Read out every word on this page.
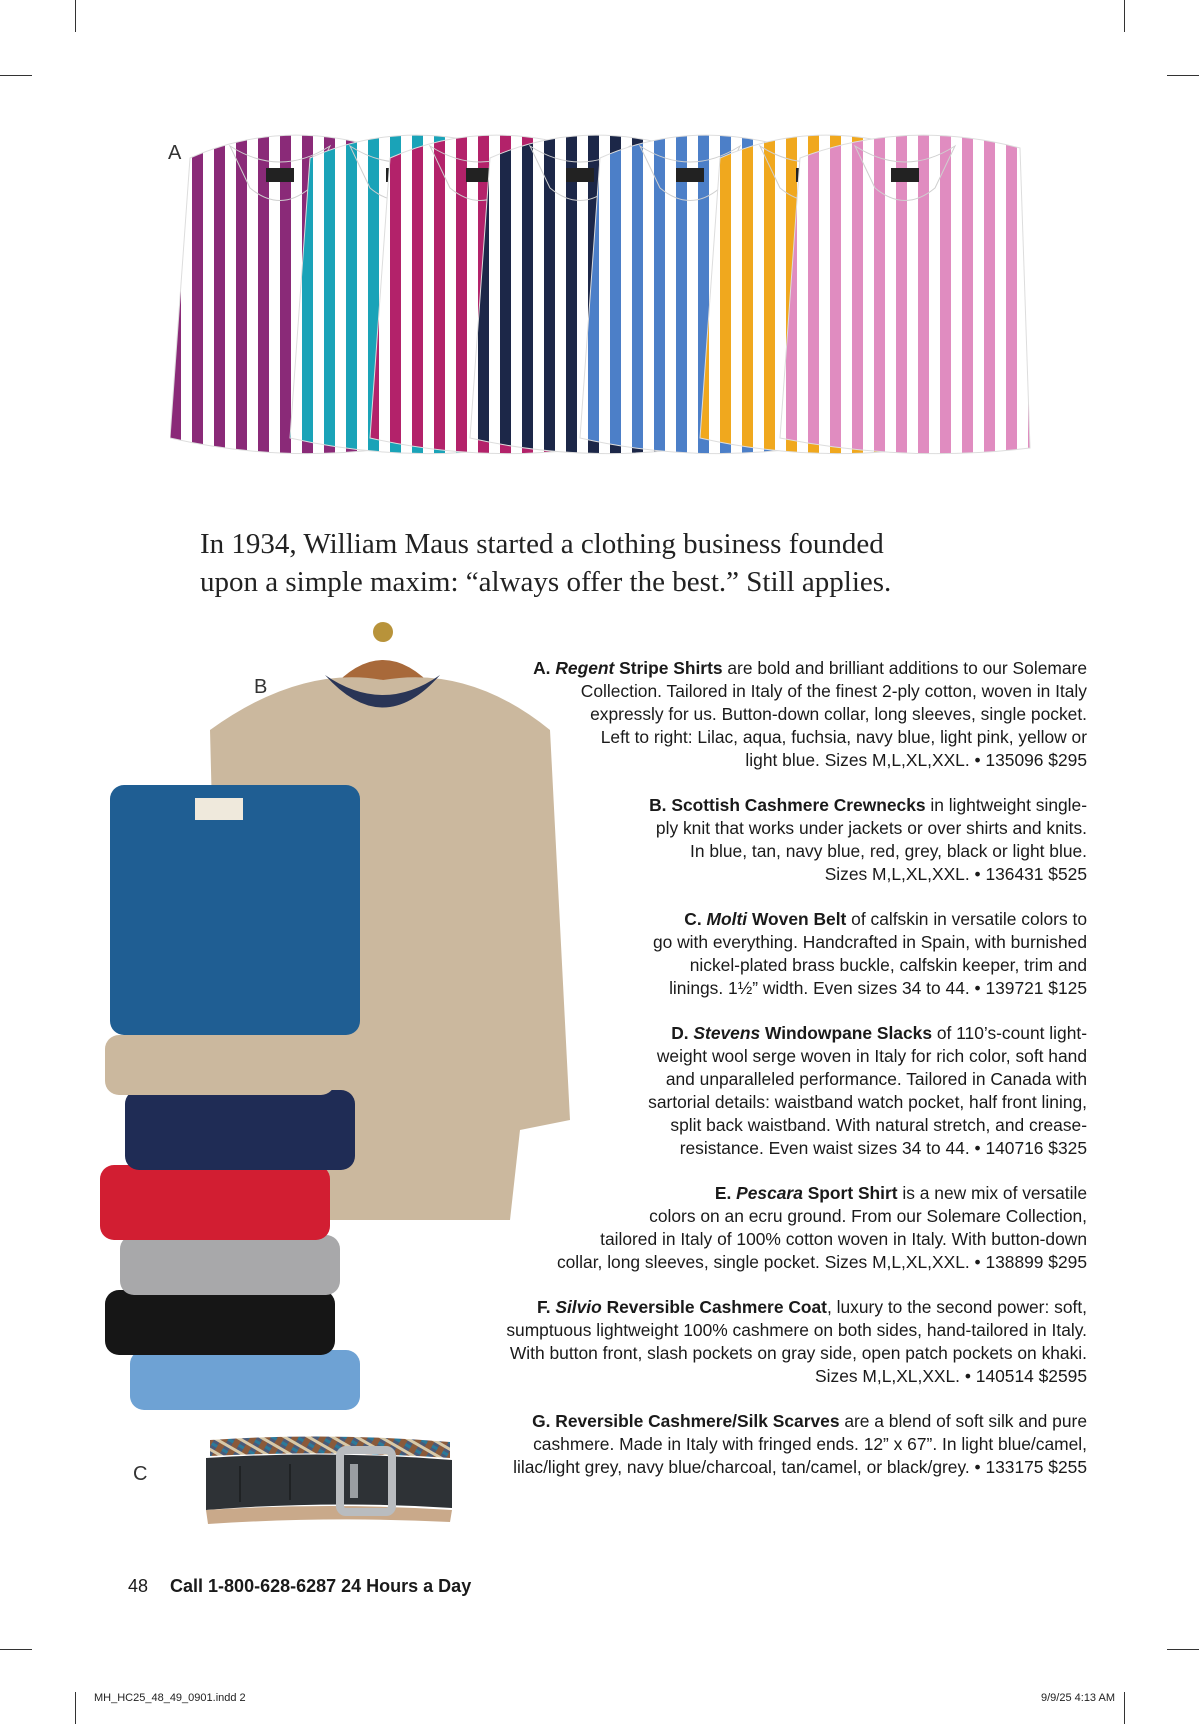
A
B
C
In 1934, William Maus started a clothing business founded
upon a simple maxim: “always offer the best.” Still applies.
A. Regent Stripe Shirts are bold and brilliant additions to our Solemare
Collection. Tailored in Italy of the finest 2-ply cotton, woven in Italy
expressly for us. Button-down collar, long sleeves, single pocket.
Left to right: Lilac, aqua, fuchsia, navy blue, light pink, yellow or
light blue. Sizes M,L,XL,XXL. • 135096 $295
B. Scottish Cashmere Crewnecks in lightweight single-
ply knit that works under jackets or over shirts and knits.
In blue, tan, navy blue, red, grey, black or light blue.
Sizes M,L,XL,XXL. • 136431 $525
C. Molti Woven Belt of calfskin in versatile colors to
go with everything. Handcrafted in Spain, with burnished
nickel-plated brass buckle, calfskin keeper, trim and
linings. 1½” width. Even sizes 34 to 44. • 139721 $125
D. Stevens Windowpane Slacks of 110’s-count light-
weight wool serge woven in Italy for rich color, soft hand
and unparalleled performance. Tailored in Canada with
sartorial details: waistband watch pocket, half front lining,
split back waistband. With natural stretch, and crease-
resistance. Even waist sizes 34 to 44. • 140716 $325
E. Pescara Sport Shirt is a new mix of versatile
colors on an ecru ground. From our Solemare Collection,
tailored in Italy of 100% cotton woven in Italy. With button-down
collar, long sleeves, single pocket. Sizes M,L,XL,XXL. • 138899 $295
F. Silvio Reversible Cashmere Coat, luxury to the second power: soft,
sumptuous lightweight 100% cashmere on both sides, hand-tailored in Italy.
With button front, slash pockets on gray side, open patch pockets on khaki.
Sizes M,L,XL,XXL. • 140514 $2595
G. Reversible Cashmere/Silk Scarves are a blend of soft silk and pure
cashmere. Made in Italy with fringed ends. 12” x 67”. In light blue/camel,
lilac/light grey, navy blue/charcoal, tan/camel, or black/grey. • 133175 $255
48 Call 1-800-628-6287 24 Hours a Day
MH_HC25_48_49_0901.indd 2	9/9/25 4:13 AM
